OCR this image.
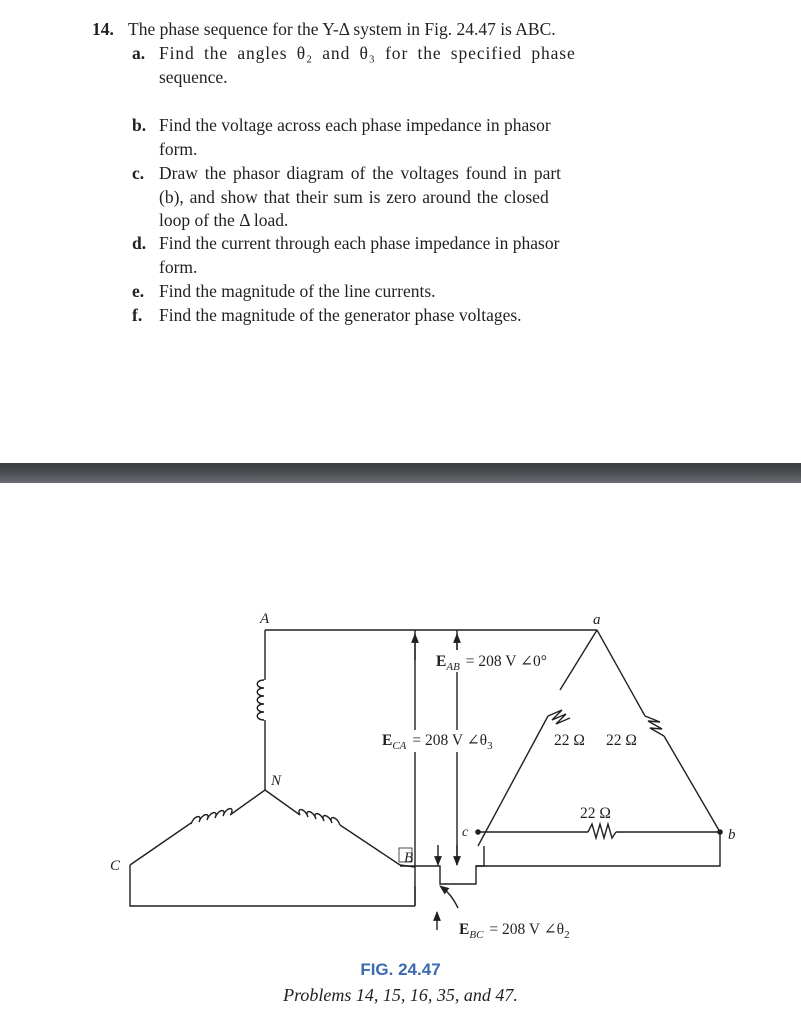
14. The phase sequence for the Y-Δ system in Fig. 24.47 is ABC.
a. Find the angles θ₂ and θ₃ for the specified phase
sequence.
b. Find the voltage across each phase impedance in phasor
form.
c. Draw the phasor diagram of the voltages found in part
(b), and show that their sum is zero around the closed
loop of the Δ load.
d. Find the current through each phase impedance in phasor
form.
e. Find the magnitude of the line currents.
f. Find the magnitude of the generator phase voltages.
A
N
B
C
a
b
c
$E_{AB} = 208$ V ∠0°
$E_{CA} = 208$ V $\angle\theta_3$
$E_{BC} = 208$ V $\angle\theta_2$
22 Ω 22 Ω
22 Ω
FIG. 24.47
Problems 14, 15, 16, 35, and 47.
